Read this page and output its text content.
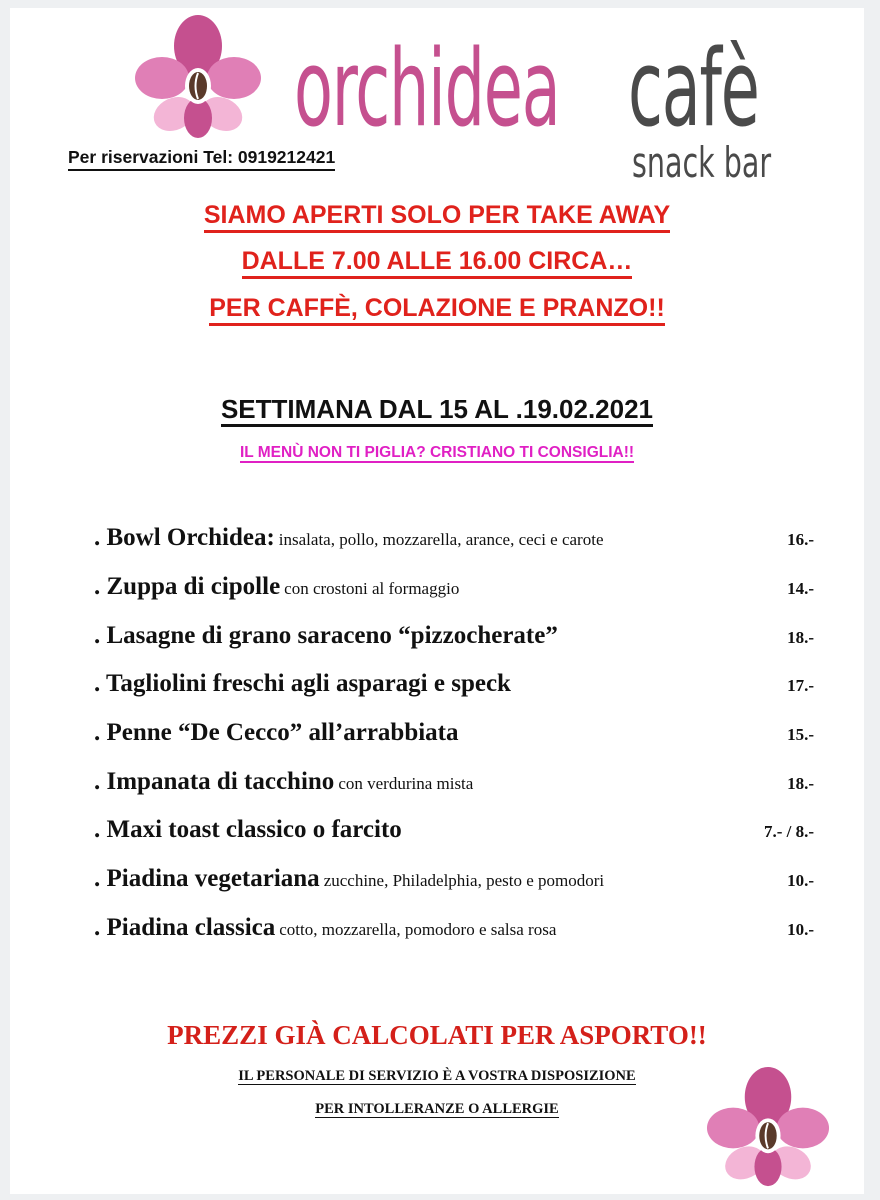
orchidea cafè
snack bar
Per riservazioni Tel: 0919212421
SIAMO APERTI SOLO PER TAKE AWAY
DALLE 7.00 ALLE 16.00 CIRCA…
PER CAFFÈ, COLAZIONE E PRANZO!!
SETTIMANA DAL 15 AL .19.02.2021
IL MENÙ NON TI PIGLIA? CRISTIANO TI CONSIGLIA!!
. Bowl Orchidea: insalata, pollo, mozzarella, arance, ceci e carote	16.-
. Zuppa di cipolle con crostoni al formaggio	14.-
. Lasagne di grano saraceno “pizzocherate”	18.-
. Tagliolini freschi agli asparagi e speck	17.-
. Penne “De Cecco” all’arrabbiata	15.-
. Impanata di tacchino con verdurina mista	18.-
. Maxi toast classico o farcito	7.- / 8.-
. Piadina vegetariana zucchine, Philadelphia, pesto e pomodori	10.-
. Piadina classica cotto, mozzarella, pomodoro e salsa rosa	10.-
PREZZI GIÀ CALCOLATI PER ASPORTO!!
IL PERSONALE DI SERVIZIO È A VOSTRA DISPOSIZIONE
PER INTOLLERANZE O ALLERGIE
